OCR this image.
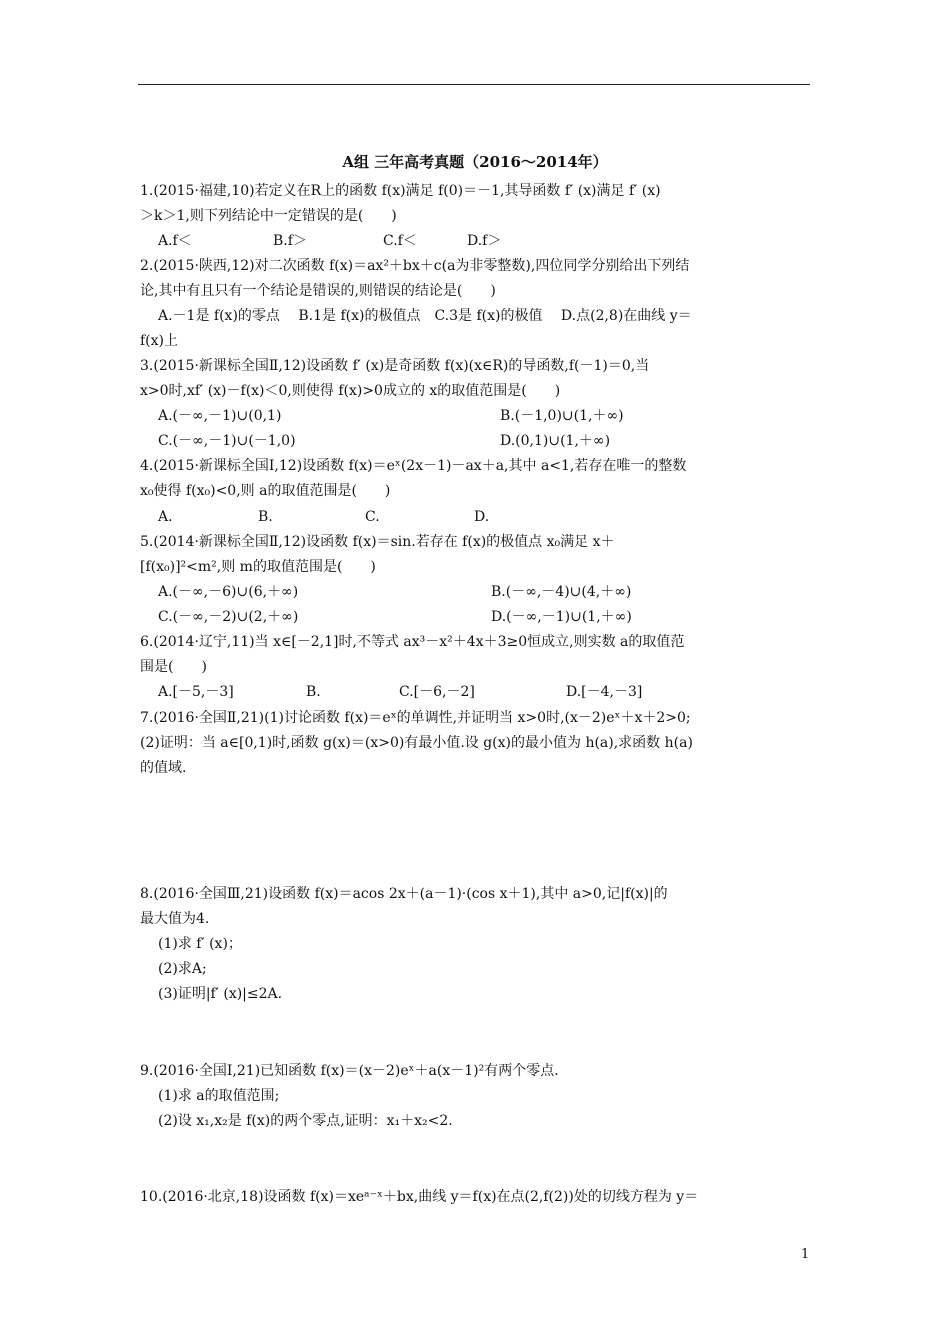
A组 三年高考真题（2016～2014年）
1.(2015·福建,10)若定义在R上的函数 f(x)满足 f(0)＝－1,其导函数 f′ (x)满足 f′ (x)
＞k＞1,则下列结论中一定错误的是(　　)
A.f＜	B.f＞	C.f＜	D.f＞
2.(2015·陕西,12)对二次函数 f(x)＝ax²＋bx＋c(a为非零整数),四位同学分别给出下列结
论,其中有且只有一个结论是错误的,则错误的结论是(　　)
A.－1是 f(x)的零点　 B.1是 f(x)的极值点　C.3是 f(x)的极值　 D.点(2,8)在曲线 y＝
f(x)上
3.(2015·新课标全国Ⅱ,12)设函数 f′ (x)是奇函数 f(x)(x∈R)的导函数,f(－1)＝0,当
x>0时,xf′ (x)－f(x)＜0,则使得 f(x)>0成立的 x的取值范围是(　　)
A.(－∞,－1)∪(0,1)	B.(－1,0)∪(1,＋∞)
C.(－∞,－1)∪(－1,0)	D.(0,1)∪(1,＋∞)
4.(2015·新课标全国Ⅰ,12)设函数 f(x)＝eˣ(2x－1)－ax＋a,其中 a<1,若存在唯一的整数
x₀使得 f(x₀)<0,则 a的取值范围是(　　)
A.	B.	C.	D.
5.(2014·新课标全国Ⅱ,12)设函数 f(x)＝sin.若存在 f(x)的极值点 x₀满足 x＋
[f(x₀)]²<m²,则 m的取值范围是(　　)
A.(－∞,－6)∪(6,＋∞)	B.(－∞,－4)∪(4,＋∞)
C.(－∞,－2)∪(2,＋∞)	D.(－∞,－1)∪(1,＋∞)
6.(2014·辽宁,11)当 x∈[－2,1]时,不等式 ax³－x²＋4x＋3≥0恒成立,则实数 a的取值范
围是(　　)
A.[－5,－3]	B.	C.[－6,－2]	D.[－4,－3]
7.(2016·全国Ⅱ,21)(1)讨论函数 f(x)＝eˣ的单调性,并证明当 x>0时,(x－2)eˣ＋x＋2>0;
(2)证明：当 a∈[0,1)时,函数 g(x)＝(x>0)有最小值.设 g(x)的最小值为 h(a),求函数 h(a)
的值域.
8.(2016·全国Ⅲ,21)设函数 f(x)＝acos 2x＋(a－1)·(cos x＋1),其中 a>0,记|f(x)|的
最大值为4.
(1)求 f′ (x)；
(2)求A;
(3)证明|f′ (x)|≤2A.
9.(2016·全国Ⅰ,21)已知函数 f(x)＝(x－2)eˣ＋a(x－1)²有两个零点.
(1)求 a的取值范围;
(2)设 x₁,x₂是 f(x)的两个零点,证明：x₁＋x₂<2.
10.(2016·北京,18)设函数 f(x)＝xeᵃ⁻ˣ＋bx,曲线 y＝f(x)在点(2,f(2))处的切线方程为 y＝
1
